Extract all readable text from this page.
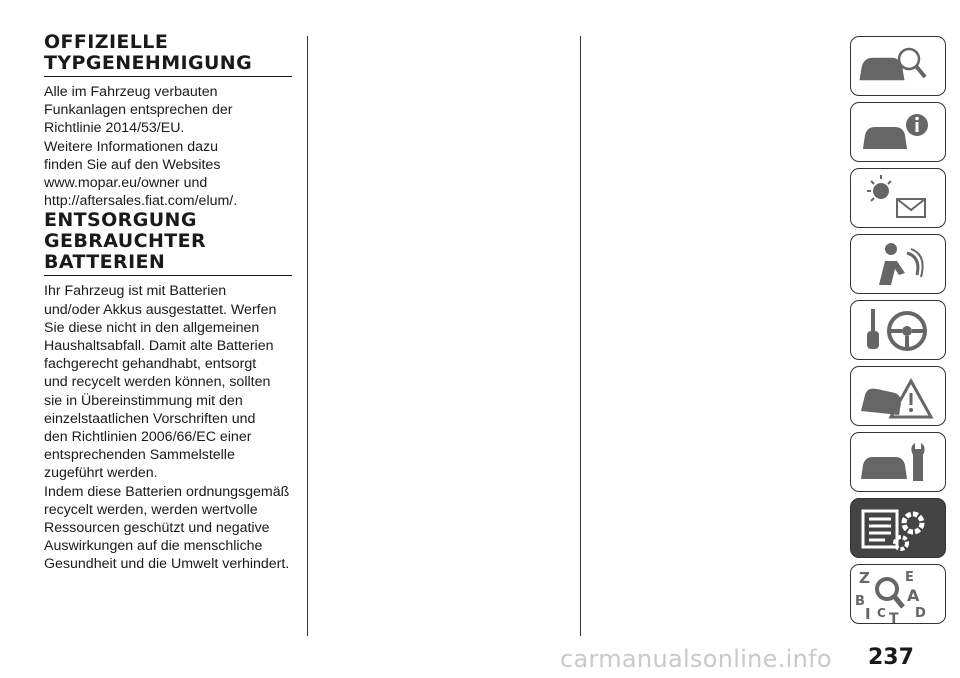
OFFIZIELLE
TYPGENEHMIGUNG

Alle im Fahrzeug verbauten
Funkanlagen entsprechen der
Richtlinie 2014/53/EU.
Weitere Informationen dazu
finden Sie auf den Websites
www.mopar.eu/owner und
http://aftersales.fiat.com/elum/.

ENTSORGUNG
GEBRAUCHTER
BATTERIEN

Ihr Fahrzeug ist mit Batterien
und/oder Akkus ausgestattet. Werfen
Sie diese nicht in den allgemeinen
Haushaltsabfall. Damit alte Batterien
fachgerecht gehandhabt, entsorgt
und recycelt werden können, sollten
sie in Übereinstimmung mit den
einzelstaatlichen Vorschriften und
den Richtlinien 2006/66/EC einer
entsprechenden Sammelstelle
zugeführt werden.
Indem diese Batterien ordnungsgemäß
recycelt werden, werden wertvolle
Ressourcen geschützt und negative
Auswirkungen auf die menschliche
Gesundheit und die Umwelt verhindert.

Z	E
B	A
I C T D
237
carmanualsonline.info
